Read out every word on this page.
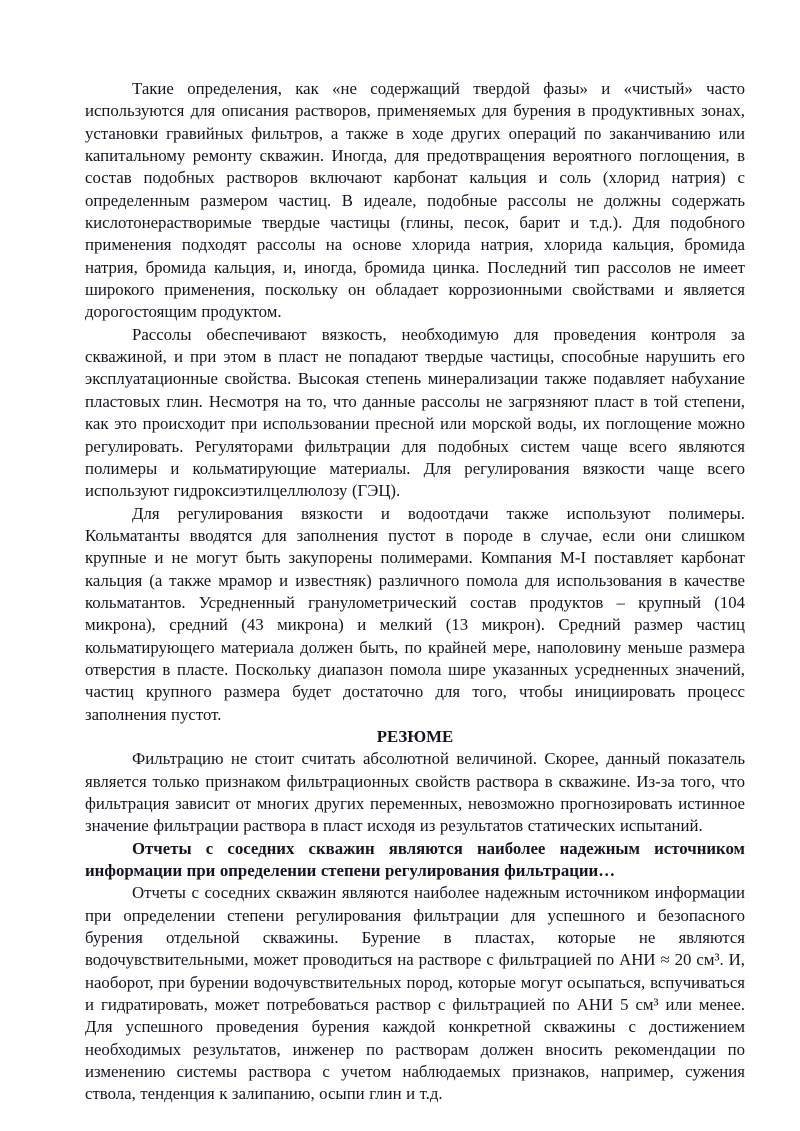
Такие определения, как «не содержащий твердой фазы» и «чистый» часто используются для описания растворов, применяемых для бурения в продуктивных зонах, установки гравийных фильтров, а также в ходе других операций по заканчиванию или капитальному ремонту скважин. Иногда, для предотвращения вероятного поглощения, в состав подобных растворов включают карбонат кальция и соль (хлорид натрия) с определенным размером частиц. В идеале, подобные рассолы не должны содержать кислотонерастворимые твердые частицы (глины, песок, барит и т.д.). Для подобного применения подходят рассолы на основе хлорида натрия, хлорида кальция, бромида натрия, бромида кальция, и, иногда, бромида цинка. Последний тип рассолов не имеет широкого применения, поскольку он обладает коррозионными свойствами и является дорогостоящим продуктом.

Рассолы обеспечивают вязкость, необходимую для проведения контроля за скважиной, и при этом в пласт не попадают твердые частицы, способные нарушить его эксплуатационные свойства. Высокая степень минерализации также подавляет набухание пластовых глин. Несмотря на то, что данные рассолы не загрязняют пласт в той степени, как это происходит при использовании пресной или морской воды, их поглощение можно регулировать. Регуляторами фильтрации для подобных систем чаще всего являются полимеры и кольматирующие материалы. Для регулирования вязкости чаще всего используют гидроксиэтилцеллюлозу (ГЭЦ).

Для регулирования вязкости и водоотдачи также используют полимеры. Кольматанты вводятся для заполнения пустот в породе в случае, если они слишком крупные и не могут быть закупорены полимерами. Компания M-I поставляет карбонат кальция (а также мрамор и известняк) различного помола для использования в качестве кольматантов. Усредненный гранулометрический состав продуктов – крупный (104 микрона), средний (43 микрона) и мелкий (13 микрон). Средний размер частиц кольматирующего материала должен быть, по крайней мере, наполовину меньше размера отверстия в пласте. Поскольку диапазон помола шире указанных усредненных значений, частиц крупного размера будет достаточно для того, чтобы инициировать процесс заполнения пустот.

РЕЗЮМЕ

Фильтрацию не стоит считать абсолютной величиной. Скорее, данный показатель является только признаком фильтрационных свойств раствора в скважине. Из-за того, что фильтрация зависит от многих других переменных, невозможно прогнозировать истинное значение фильтрации раствора в пласт исходя из результатов статических испытаний.

Отчеты с соседних скважин являются наиболее надежным источником информации при определении степени регулирования фильтрации…

Отчеты с соседних скважин являются наиболее надежным источником информации при определении степени регулирования фильтрации для успешного и безопасного бурения отдельной скважины. Бурение в пластах, которые не являются водочувствительными, может проводиться на растворе с фильтрацией по АНИ ≈ 20 см³. И, наоборот, при бурении водочувствительных пород, которые могут осыпаться, вспучиваться и гидратировать, может потребоваться раствор с фильтрацией по АНИ 5 см³ или менее. Для успешного проведения бурения каждой конкретной скважины с достижением необходимых результатов, инженер по растворам должен вносить рекомендации по изменению системы раствора с учетом наблюдаемых признаков, например, сужения ствола, тенденция к залипанию, осыпи глин и т.д.
